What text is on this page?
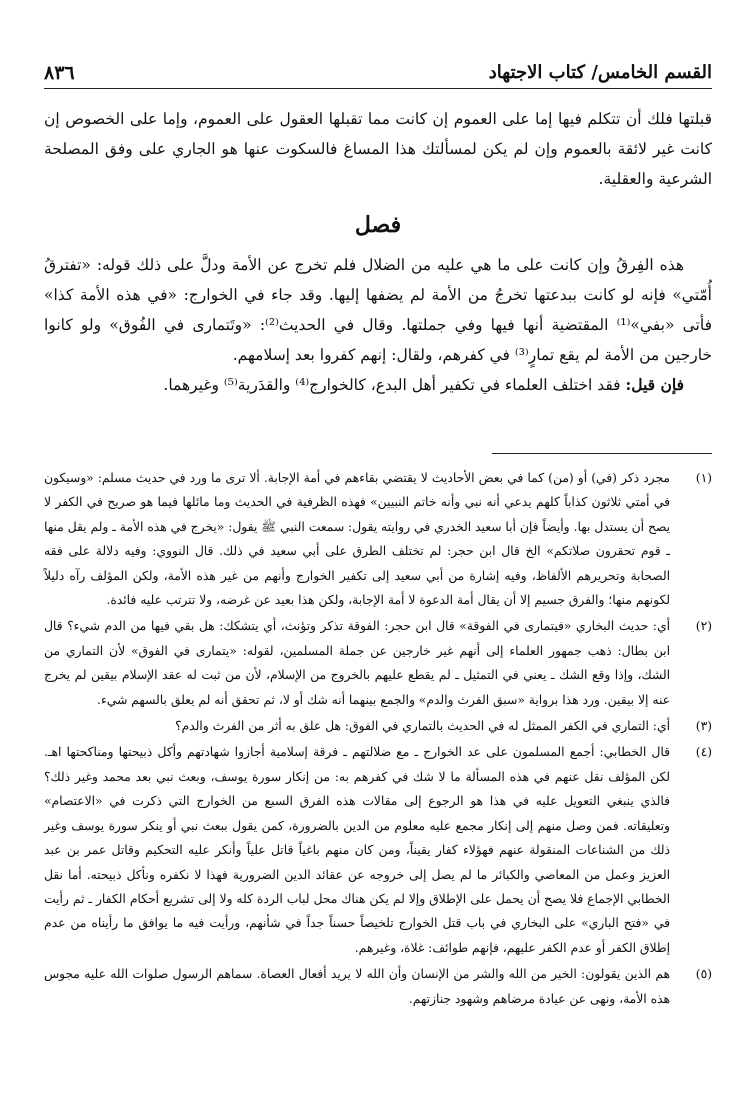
القسم الخامس/ كتاب الاجتهاد
٨٣٦

قبلتها فلك أن تتكلم فيها إما على العموم إن كانت مما تقبلها العقول على العموم، وإما على الخصوص إن كانت غير لائقة بالعموم وإن لم يكن لمسألتك هذا المساغ فالسكوت عنها هو الجاري على وفق المصلحة الشرعية والعقلية.

فصل

هذه الفِرقُ وإن كانت على ما هي عليه من الضلال فلم تخرج عن الأمة ودلَّ على ذلك قوله: «تفترقُ أُمّتي» فإنه لو كانت ببدعتها تخرجُ من الأمة لم يضفها إليها. وقد جاء في الخوارج: «في هذه الأمة كذا» فأتى «بفي»⁽¹⁾ المقتضية أنها فيها وفي جملتها. وقال في الحديث⁽²⁾: «وتَتمارى في الفُوق» ولو كانوا خارجين من الأمة لم يقع تمارٍ⁽³⁾ في كفرهم، ولقال: إنهم كفروا بعد إسلامهم.

فإن قيل: فقد اختلف العلماء في تكفير أهل البدع، كالخوارج⁽⁴⁾ والقدَرية⁽⁵⁾ وغيرهما.

(١)
مجرد ذكر (في) أو (من) كما في بعض الأحاديث لا يقتضي بقاءهم في أمة الإجابة. ألا ترى ما ورد في حديث مسلم: «وسيكون في أمتي ثلاثون كذاباً كلهم يدعي أنه نبي وأنه خاتم النبيين» فهذه الظرفية في الحديث وما مائلها فيما هو صريح في الكفر لا يصح أن يستدل بها. وأيضاً فإن أبا سعيد الخدري في روايته يقول: سمعت النبي ﷺ يقول: «يخرج في هذه الأمة ـ ولم يقل منها ـ قوم تحقرون صلاتكم» الخ قال ابن حجر: لم تختلف الطرق على أبي سعيد في ذلك. قال النووي: وفيه دلالة على فقه الصحابة وتحريرهم الألفاظ، وفيه إشارة من أبي سعيد إلى تكفير الخوارج وأنهم من غير هذه الأمة، ولكن المؤلف رآه دليلاً لكونهم منها؛ والفرق جسيم إلا أن يقال أمة الدعوة لا أمة الإجابة، ولكن هذا بعيد عن غرضه، ولا تترتب عليه فائدة.
(٢)
أي: حديث البخاري «فيتمارى في الفوقة» قال ابن حجر: الفوقة تذكر وتؤنث، أي يتشكك: هل بقي فيها من الدم شيء؟ قال ابن بطال: ذهب جمهور العلماء إلى أنهم غير خارجين عن جملة المسلمين، لقوله: «يتمارى في الفوق» لأن التماري من الشك، وإذا وقع الشك ـ يعني في التمثيل ـ لم يقطع عليهم بالخروج من الإسلام، لأن من ثبت له عقد الإسلام بيقين لم يخرج عنه إلا بيقين. ورد هذا برواية «سبق الفرث والدم» والجمع بينهما أنه شك أو لا، ثم تحقق أنه لم يعلق بالسهم شيء.
(٣)
أي: التماري في الكفر الممثل له في الحديث بالتماري في الفوق: هل علق به أثر من الفرث والدم؟
(٤)
قال الخطابي: أجمع المسلمون على عد الخوارج ـ مع ضلالتهم ـ فرقة إسلامية أجازوا شهادتهم وأكل ذبيحتها ومناكحتها اهـ. لكن المؤلف نقل عنهم في هذه المسألة ما لا شك في كفرهم به: من إنكار سورة يوسف، وبعث نبي بعد محمد وغير ذلك؟ فالذي ينبغي التعويل عليه في هذا هو الرجوع إلى مقالات هذه الفرق السبع من الخوارج التي ذكرت في «الاعتصام» وتعليقاته. فمن وصل منهم إلى إنكار مجمع عليه معلوم من الدين بالضرورة، كمن يقول ببعث نبي أو ينكر سورة يوسف وغير ذلك من الشناعات المنقولة عنهم فهؤلاء كفار يقيناً، ومن كان منهم باغياً قاتل علياً وأنكر عليه التحكيم وقاتل عمر بن عبد العزيز وعمل من المعاصي والكبائر ما لم يصل إلى خروجه عن عقائد الدين الضرورية فهذا لا نكفره ونأكل ذبيحته. أما نقل الخطابي الإجماع فلا يصح أن يحمل على الإطلاق وإلا لم يكن هناك محل لباب الردة كله ولا إلى تشريع أحكام الكفار ـ ثم رأيت في «فتح الباري» على البخاري في باب قتل الخوارج تلخيصاً حسناً جداً في شأنهم، ورأيت فيه ما يوافق ما رأيناه من عدم إطلاق الكفر أو عدم الكفر عليهم، فإنهم طوائف: غلاة، وغيرهم.
(٥)
هم الذين يقولون: الخير من الله والشر من الإنسان وأن الله لا يريد أفعال العصاة. سماهم الرسول صلوات الله عليه مجوس هذه الأمة، ونهى عن عيادة مرضاهم وشهود جنازتهم.
